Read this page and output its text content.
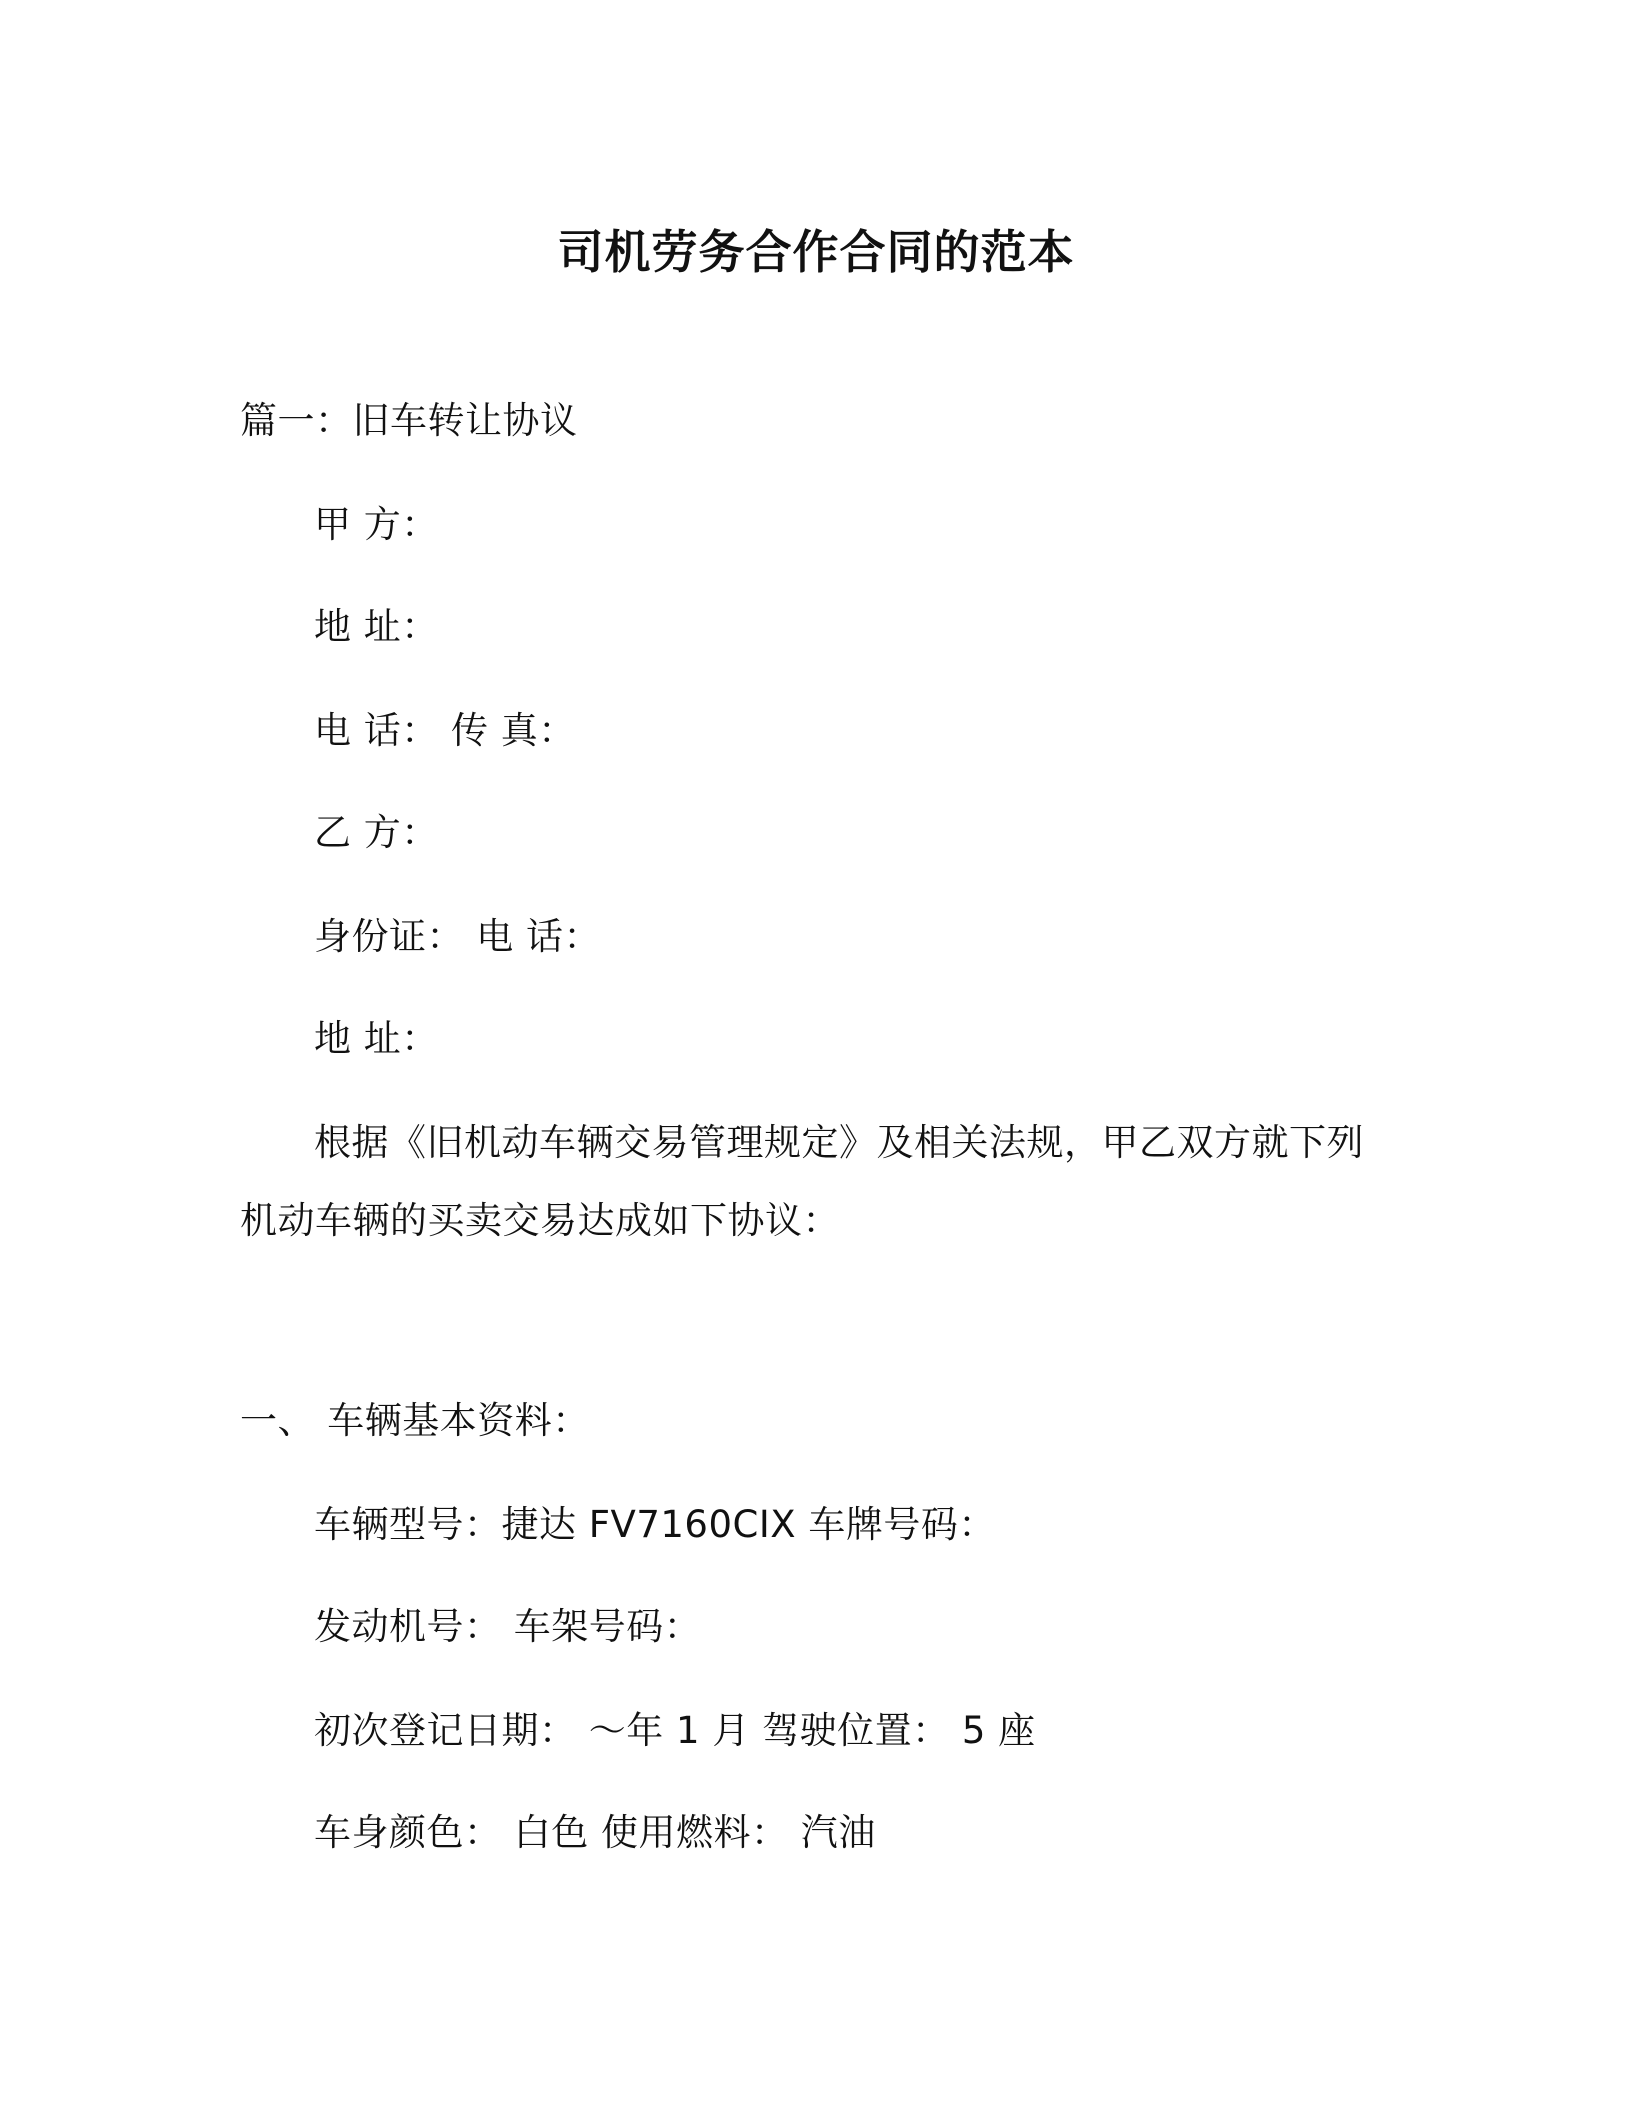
司机劳务合作合同的范本
篇一：旧车转让协议
甲 方：
地 址：
电 话： 传 真：
乙 方：
身份证： 电 话：
地 址：
根据《旧机动车辆交易管理规定》及相关法规，甲乙双方就下列
机动车辆的买卖交易达成如下协议：
一、 车辆基本资料：
车辆型号：捷达 FV7160CIX 车牌号码：
发动机号： 车架号码：
初次登记日期： ～年 1 月 驾驶位置： 5 座
车身颜色： 白色 使用燃料： 汽油
